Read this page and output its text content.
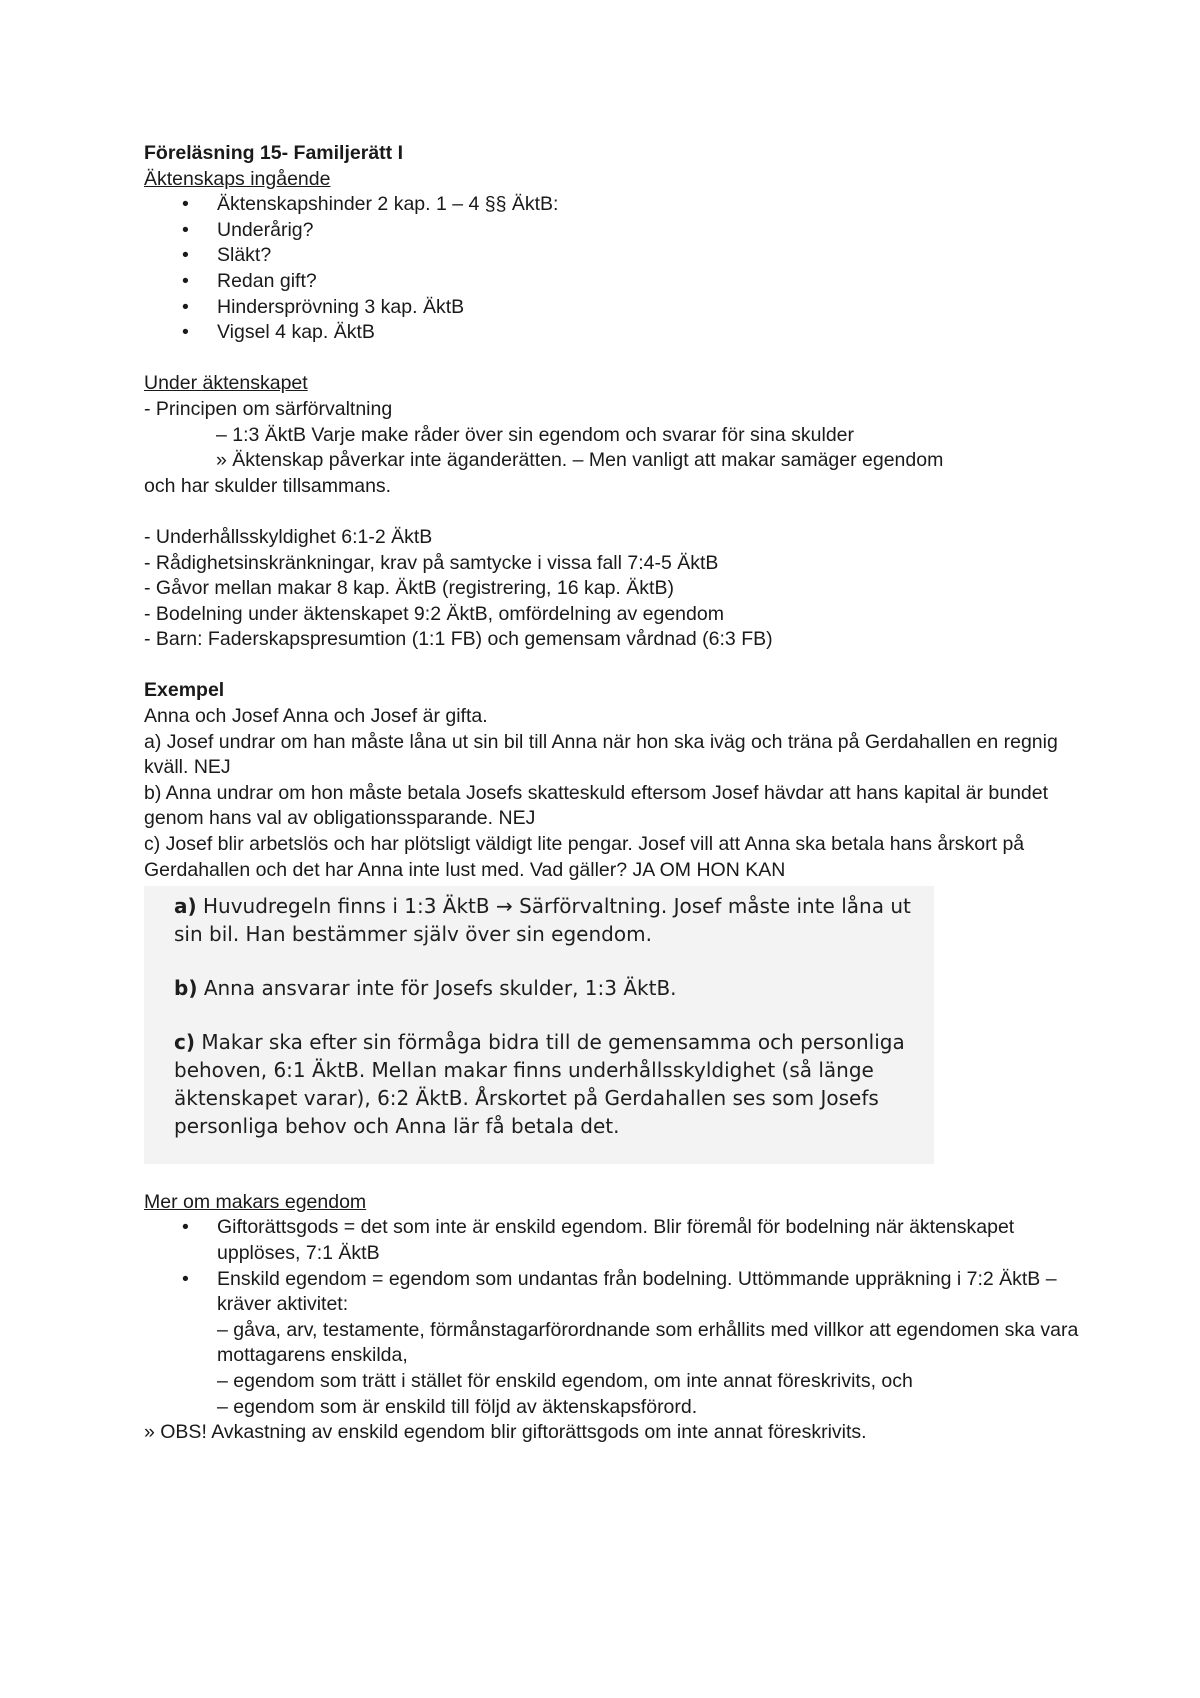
Föreläsning 15- Familjerätt I

Äktenskaps ingående

• Äktenskapshinder 2 kap. 1 – 4 §§ ÄktB:
• Underårig?
• Släkt?
• Redan gift?
• Hindersprövning 3 kap. ÄktB
• Vigsel 4 kap. ÄktB

Under äktenskapet

- Principen om särförvaltning

– 1:3 ÄktB Varje make råder över sin egendom och svarar för sina skulder

» Äktenskap påverkar inte äganderätten. – Men vanligt att makar samäger egendom

och har skulder tillsammans.

- Underhållsskyldighet 6:1-2 ÄktB

- Rådighetsinskränkningar, krav på samtycke i vissa fall 7:4-5 ÄktB

- Gåvor mellan makar 8 kap. ÄktB (registrering, 16 kap. ÄktB)

- Bodelning under äktenskapet 9:2 ÄktB, omfördelning av egendom

- Barn: Faderskapspresumtion (1:1 FB) och gemensam vårdnad (6:3 FB)

Exempel

Anna och Josef Anna och Josef är gifta.

a) Josef undrar om han måste låna ut sin bil till Anna när hon ska iväg och träna på Gerdahallen en regnig kväll. NEJ

b) Anna undrar om hon måste betala Josefs skatteskuld eftersom Josef hävdar att hans kapital är bundet genom hans val av obligationssparande. NEJ

c) Josef blir arbetslös och har plötsligt väldigt lite pengar. Josef vill att Anna ska betala hans årskort på Gerdahallen och det har Anna inte lust med. Vad gäller? JA OM HON KAN

a) Huvudregeln finns i 1:3 ÄktB → Särförvaltning. Josef måste inte låna ut sin bil. Han bestämmer själv över sin egendom.

b) Anna ansvarar inte för Josefs skulder, 1:3 ÄktB.

c) Makar ska efter sin förmåga bidra till de gemensamma och personliga behoven, 6:1 ÄktB. Mellan makar finns underhållsskyldighet (så länge äktenskapet varar), 6:2 ÄktB. Årskortet på Gerdahallen ses som Josefs personliga behov och Anna lär få betala det.

Mer om makars egendom

• Giftorättsgods = det som inte är enskild egendom. Blir föremål för bodelning när äktenskapet upplöses, 7:1 ÄktB
• Enskild egendom = egendom som undantas från bodelning. Uttömmande uppräkning i 7:2 ÄktB – kräver aktivitet:
– gåva, arv, testamente, förmånstagarförordnande som erhållits med villkor att egendomen ska vara mottagarens enskilda,
– egendom som trätt i stället för enskild egendom, om inte annat föreskrivits, och
– egendom som är enskild till följd av äktenskapsförord.

» OBS! Avkastning av enskild egendom blir giftorättsgods om inte annat föreskrivits.
